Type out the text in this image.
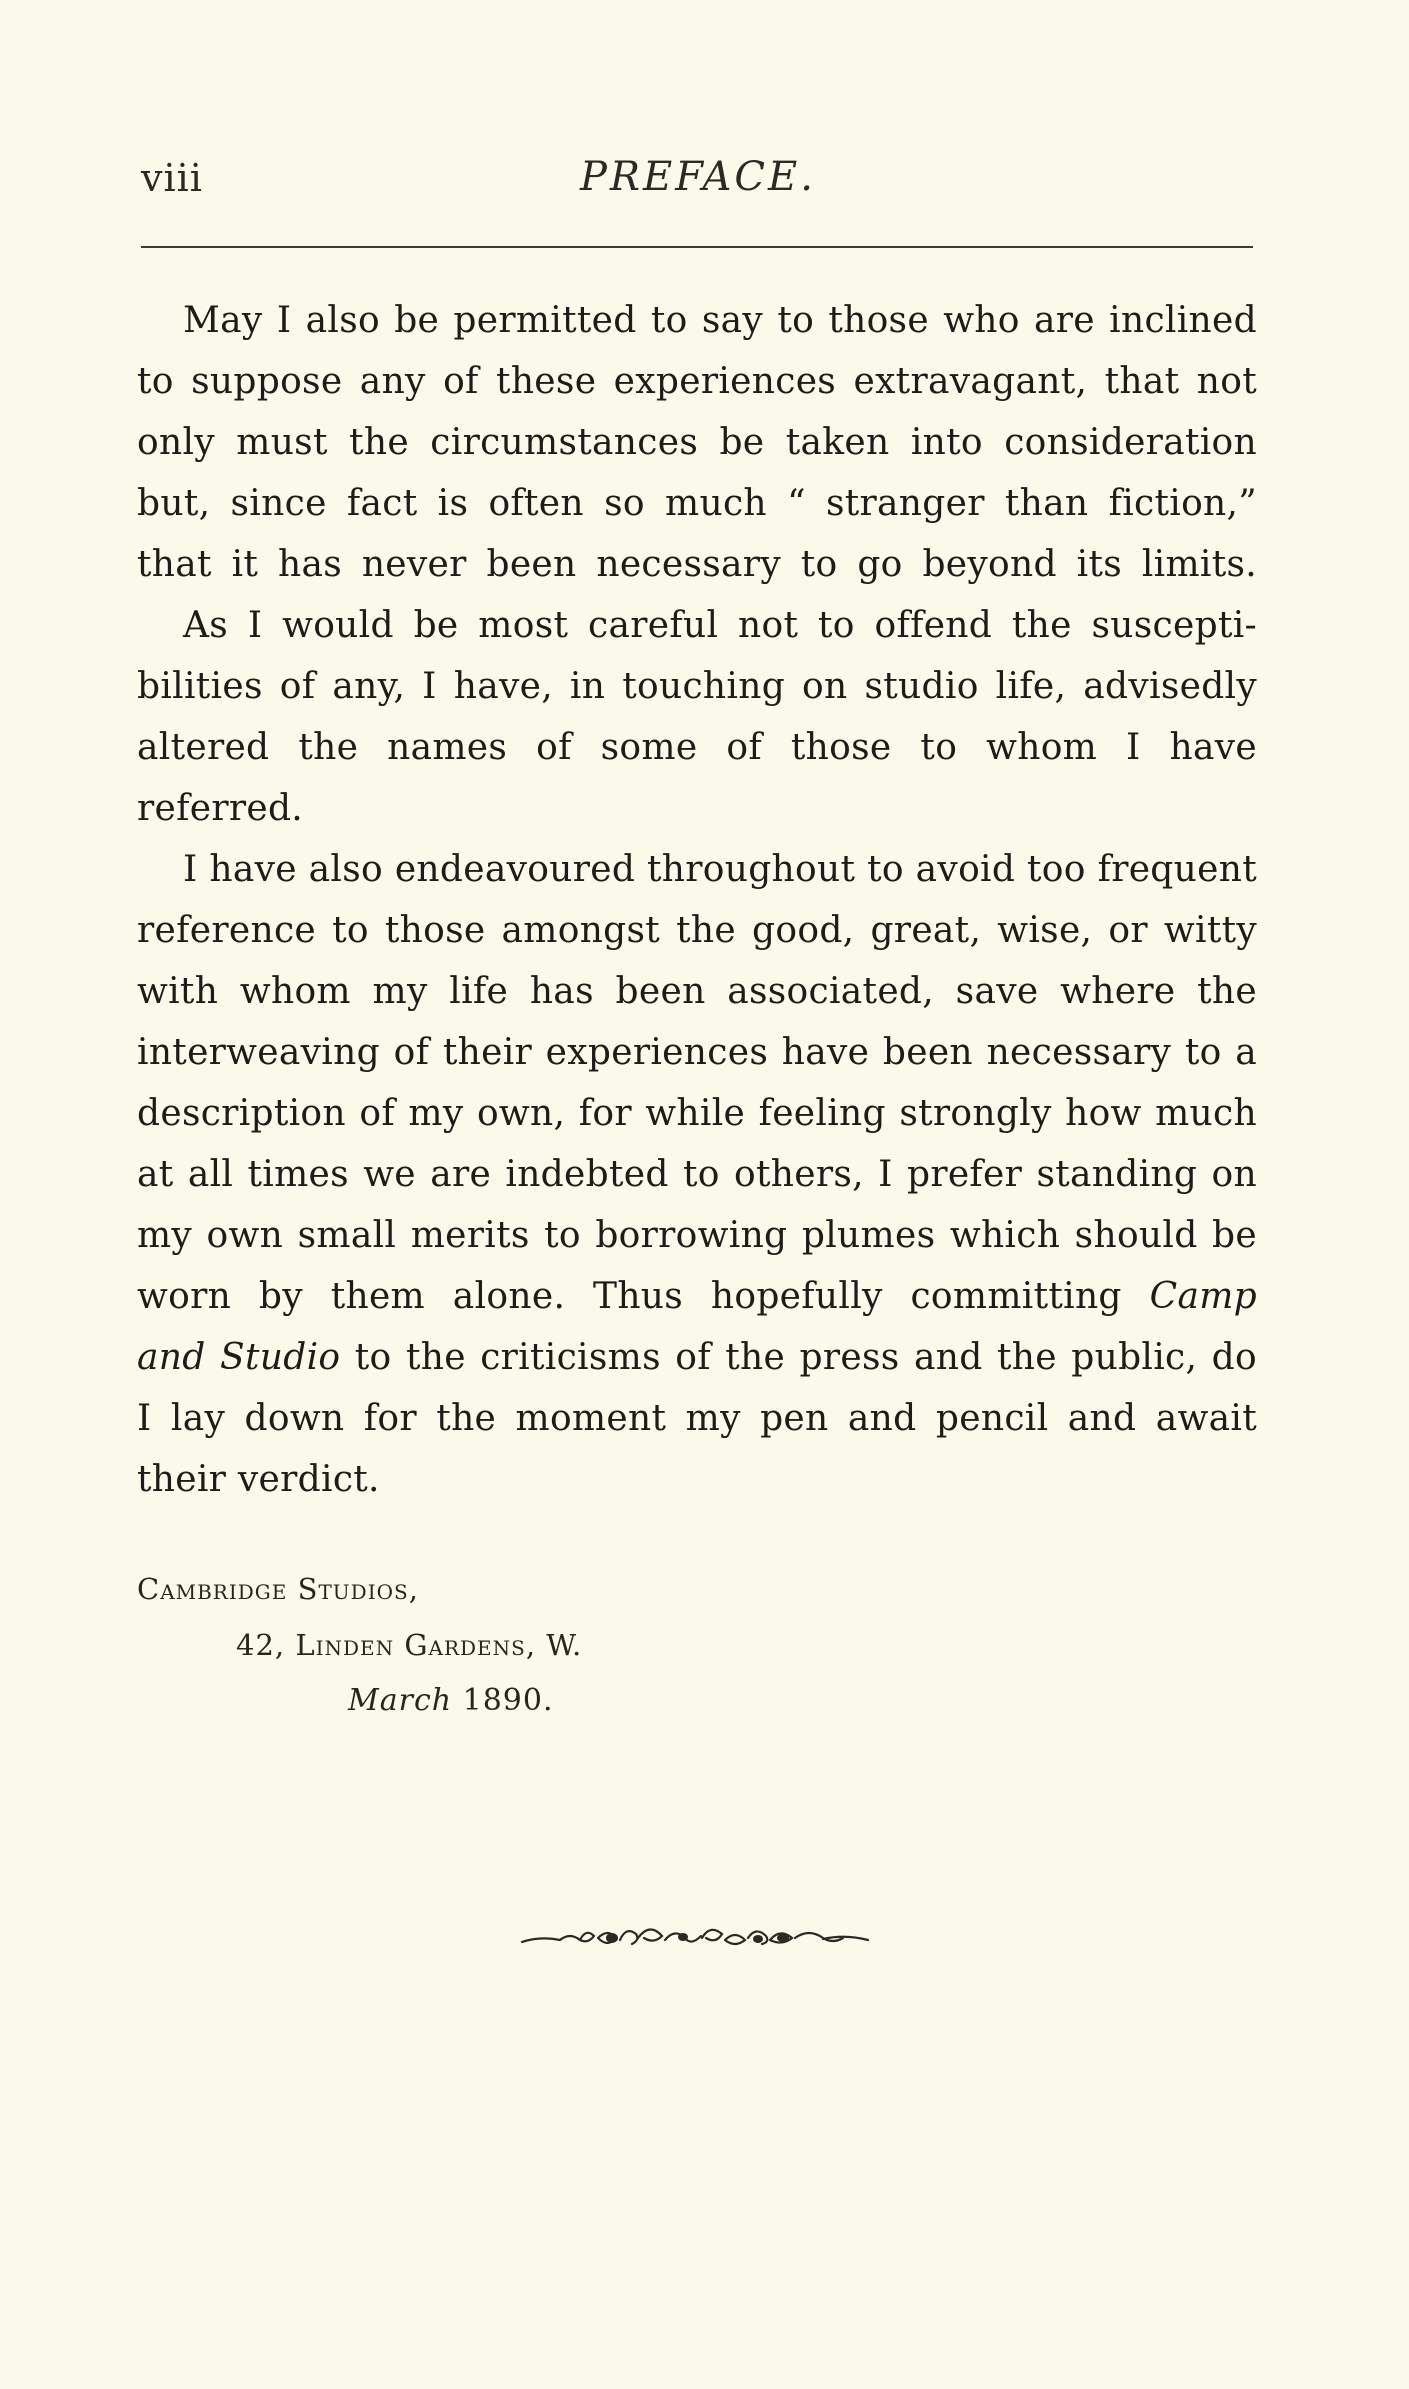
viii	PREFACE.
May I also be permitted to say to those who are inclined
to suppose any of these experiences extravagant, that not
only must the circumstances be taken into consideration
but, since fact is often so much “ stranger than fiction,”
that it has never been necessary to go beyond its limits.
As I would be most careful not to offend the suscepti-
bilities of any, I have, in touching on studio life, advisedly
altered the names of some of those to whom I have
referred.
I have also endeavoured throughout to avoid too frequent
reference to those amongst the good, great, wise, or witty
with whom my life has been associated, save where the
interweaving of their experiences have been necessary to a
description of my own, for while feeling strongly how much
at all times we are indebted to others, I prefer standing on
my own small merits to borrowing plumes which should be
worn by them alone. Thus hopefully committing Camp
and Studio to the criticisms of the press and the public, do
I lay down for the moment my pen and pencil and await
their verdict.
Cambridge Studios,
42, Linden Gardens, W.
March 1890.
